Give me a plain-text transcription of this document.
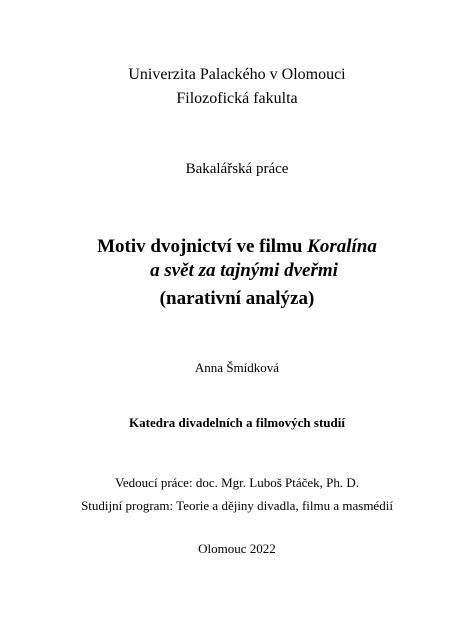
Univerzita Palackého v Olomouci
Filozofická fakulta
Bakalářská práce
Motiv dvojnictví ve filmu Koralína
a svět za tajnými dveřmi
(narativní analýza)
Anna Šmídková
Katedra divadelních a filmových studií
Vedoucí práce: doc. Mgr. Luboš Ptáček, Ph. D.
Studijní program: Teorie a dějiny divadla, filmu a masmédií
Olomouc 2022
